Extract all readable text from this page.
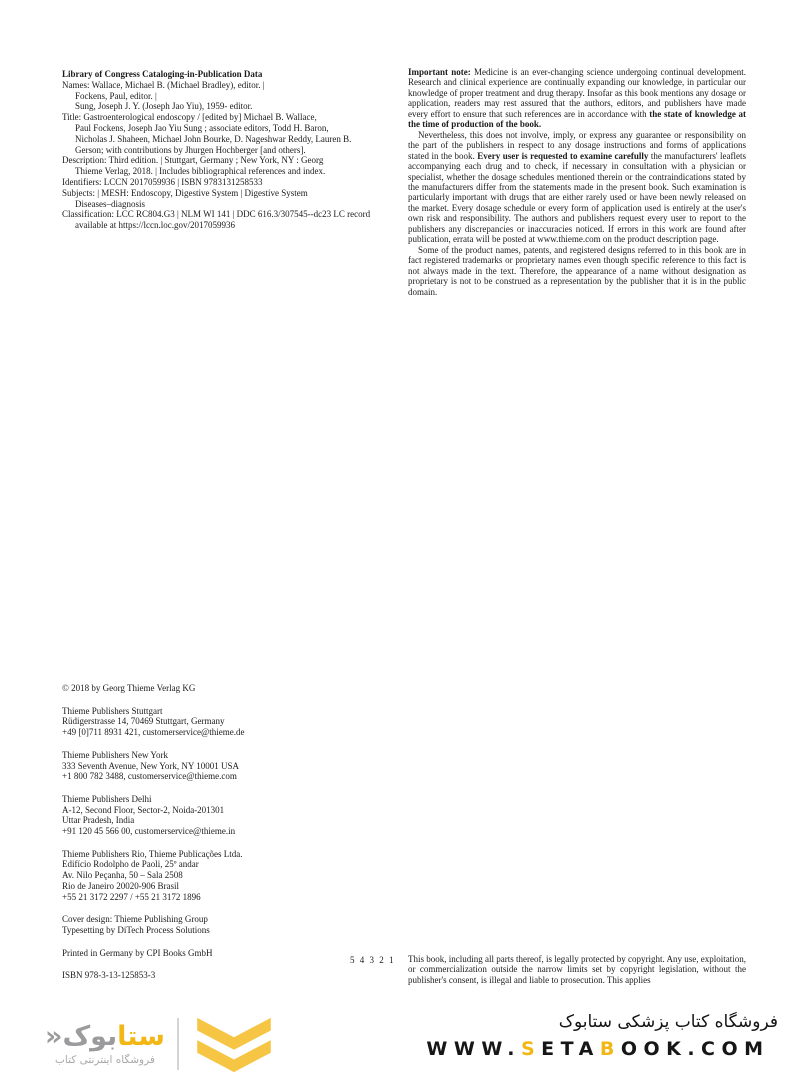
Library of Congress Cataloging-in-Publication Data
Names: Wallace, Michael B. (Michael Bradley), editor. |
Fockens, Paul, editor. |
Sung, Joseph J. Y. (Joseph Jao Yiu), 1959- editor.
Title: Gastroenterological endoscopy / [edited by] Michael B. Wallace,
Paul Fockens, Joseph Jao Yiu Sung ; associate editors, Todd H. Baron,
Nicholas J. Shaheen, Michael John Bourke, D. Nageshwar Reddy, Lauren B.
Gerson; with contributions by Jhurgen Hochberger [and others].
Description: Third edition. | Stuttgart, Germany ; New York, NY : Georg
Thieme Verlag, 2018. | Includes bibliographical references and index.
Identifiers: LCCN 2017059936 | ISBN 9783131258533
Subjects: | MESH: Endoscopy, Digestive System | Digestive System
Diseases–diagnosis
Classification: LCC RC804.G3 | NLM WI 141 | DDC 616.3/307545--dc23 LC record
available at https://lccn.loc.gov/2017059936

Important note: Medicine is an ever-changing science undergoing continual development. Research and clinical experience are continually expanding our knowledge, in particular our knowledge of proper treatment and drug therapy. Insofar as this book mentions any dosage or application, readers may rest assured that the authors, editors, and publishers have made every effort to ensure that such references are in accordance with the state of knowledge at the time of production of the book.

Nevertheless, this does not involve, imply, or express any guarantee or responsibility on the part of the publishers in respect to any dosage instructions and forms of applications stated in the book. Every user is requested to examine carefully the manufacturers' leaflets accompanying each drug and to check, if necessary in consultation with a physician or specialist, whether the dosage schedules mentioned therein or the contraindications stated by the manufacturers differ from the statements made in the present book. Such examination is particularly important with drugs that are either rarely used or have been newly released on the market. Every dosage schedule or every form of application used is entirely at the user's own risk and responsibility. The authors and publishers request every user to report to the publishers any discrepancies or inaccuracies noticed. If errors in this work are found after publication, errata will be posted at www.thieme.com on the product description page.

Some of the product names, patents, and registered designs referred to in this book are in fact registered trademarks or proprietary names even though specific reference to this fact is not always made in the text. Therefore, the appearance of a name without designation as proprietary is not to be construed as a representation by the publisher that it is in the public domain.

© 2018 by Georg Thieme Verlag KG
Thieme Publishers Stuttgart
Rüdigerstrasse 14, 70469 Stuttgart, Germany
+49 [0]711 8931 421, customerservice@thieme.de
Thieme Publishers New York
333 Seventh Avenue, New York, NY 10001 USA
+1 800 782 3488, customerservice@thieme.com
Thieme Publishers Delhi
A-12, Second Floor, Sector-2, Noida-201301
Uttar Pradesh, India
+91 120 45 566 00, customerservice@thieme.in
Thieme Publishers Rio, Thieme Publicações Ltda.
Edifício Rodolpho de Paoli, 25º andar
Av. Nilo Peçanha, 50 – Sala 2508
Rio de Janeiro 20020-906 Brasil
+55 21 3172 2297 / +55 21 3172 1896
Cover design: Thieme Publishing Group
Typesetting by DiTech Process Solutions
Printed in Germany by CPI Books GmbH
ISBN 978-3-13-125853-3
5 4 3 2 1 This book, including all parts thereof, is legally protected by copyright. Any use, exploitation, or commercialization outside the narrow limits set by copyright legislation, without the publisher's consent, is illegal and liable to prosecution. This applies

ستابوک«
فروشگاه اینترنتی کتاب
فروشگاه کتاب پزشکی ستابوک
WWW.SETABOOK.COM
